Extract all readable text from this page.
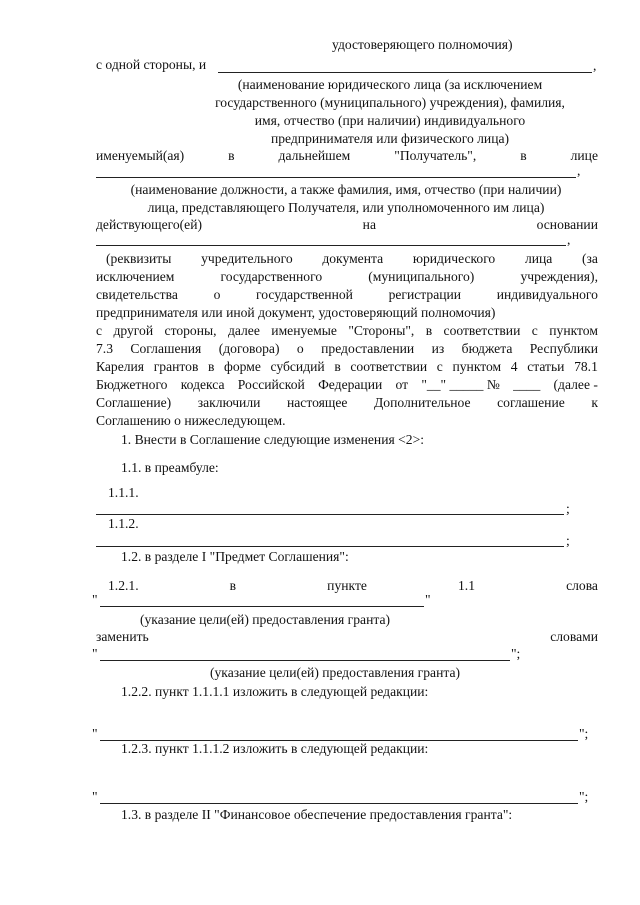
удостоверяющего полномочия)
с одной стороны, и	,
(наименование юридического лица (за исключением
государственного (муниципального) учреждения), фамилия,
имя, отчество (при наличии) индивидуального
предпринимателя или физического лица)
именуемый(ая)	в	дальнейшем	"Получатель",	в	лице
,
(наименование должности, а также фамилия, имя, отчество (при наличии)
лица, представляющего Получателя, или уполномоченного им лица)
действующего(ей)	на	основании
,
(реквизиты учредительного документа юридического лица (за
исключением	государственного	(муниципального)	учреждения),
свидетельства	о	государственной	регистрации	индивидуального
предпринимателя или иной документ, удостоверяющий полномочия)
с другой стороны, далее именуемые "Стороны", в соответствии с пунктом
7.3 Соглашения (договора) о предоставлении из бюджета Республики
Карелия грантов в форме субсидий в соответствии с пунктом 4 статьи 78.1
Бюджетного кодекса Российской Федерации от "__" _____ № ____ (далее -
Соглашение) заключили настоящее Дополнительное соглашение к
Соглашению о нижеследующем.
1. Внести в Соглашение следующие изменения <2>:
1.1. в преамбуле:
1.1.1.
;
1.1.2.
;
1.2. в разделе I "Предмет Соглашения":
1.2.1.	в	пункте	1.1	слова
"	"
(указание цели(ей) предоставления гранта)
заменить	словами
"	";
(указание цели(ей) предоставления гранта)
1.2.2. пункт 1.1.1.1 изложить в следующей редакции:
"	";
1.2.3. пункт 1.1.1.2 изложить в следующей редакции:
"	";
1.3. в разделе II "Финансовое обеспечение предоставления гранта":
